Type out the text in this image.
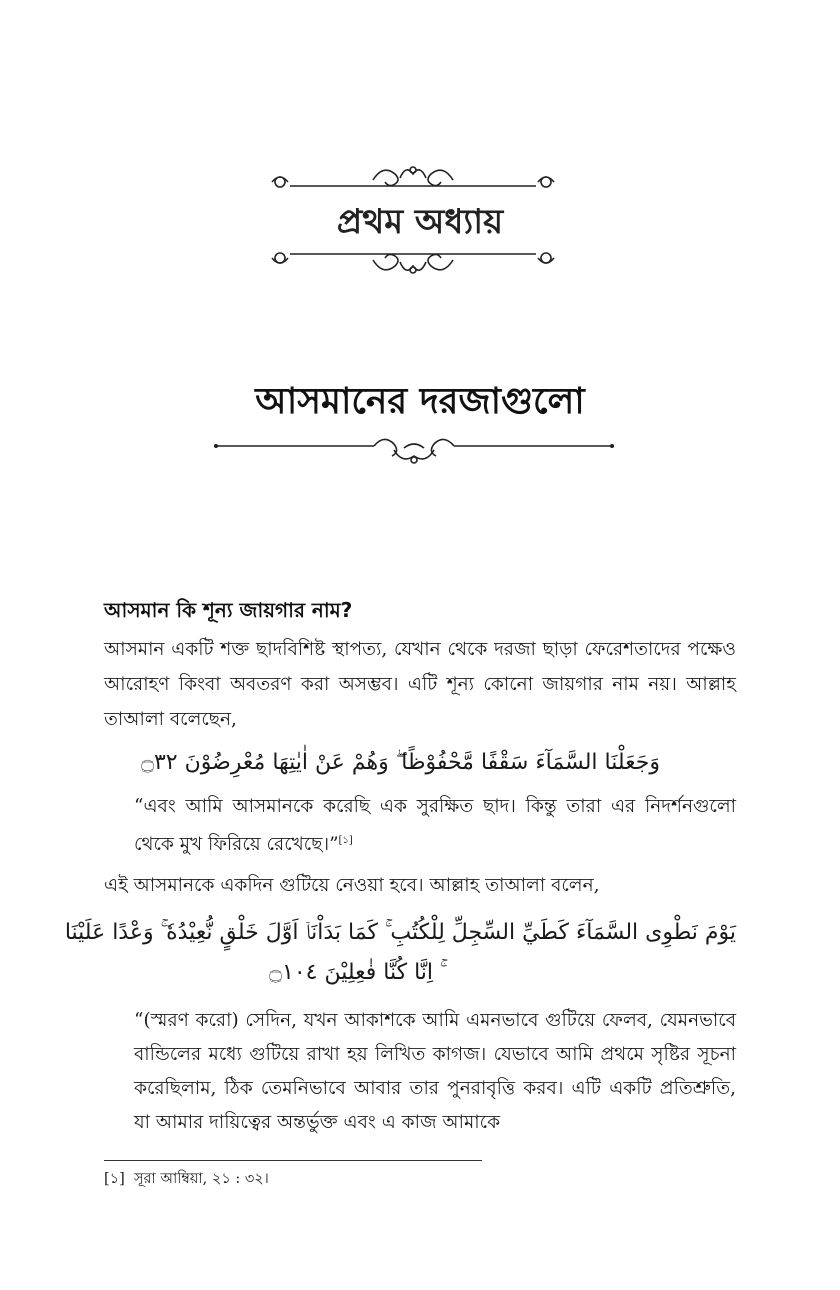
প্রথম অধ্যায়
আসমানের দরজাগুলো
আসমান কি শূন্য জায়গার নাম?

আসমান একটি শক্ত ছাদবিশিষ্ট স্থাপত্য, যেখান থেকে দরজা ছাড়া ফেরেশতাদের পক্ষেও আরোহণ কিংবা অবতরণ করা অসম্ভব। এটি শূন্য কোনো জায়গার নাম নয়। আল্লাহ তাআলা বলেছেন,

وَجَعَلْنَا السَّمَآءَ سَقْفًا مَّحْفُوْظًا ۖ وَهُمْ عَنْ اٰيٰتِهَا مُعْرِضُوْنَ ۝٣٢

“এবং আমি আসমানকে করেছি এক সুরক্ষিত ছাদ। কিন্তু তারা এর নিদর্শনগুলো থেকে মুখ ফিরিয়ে রেখেছে।”[১]

এই আসমানকে একদিন গুটিয়ে নেওয়া হবে। আল্লাহ তাআলা বলেন,

يَوْمَ نَطْوِى السَّمَآءَ كَطَيِّ السِّجِلِّ لِلْكُتُبِ ۚ كَمَا بَدَاْنَاۤ اَوَّلَ خَلْقٍ نُّعِيْدُهٗ ۚ وَعْدًا عَلَيْنَا
ۚ اِنَّا كُنَّا فٰعِلِيْنَ ۝١٠٤

“(স্মরণ করো) সেদিন, যখন আকাশকে আমি এমনভাবে গুটিয়ে ফেলব, যেমনভাবে বান্ডিলের মধ্যে গুটিয়ে রাখা হয় লিখিত কাগজ। যেভাবে আমি প্রথমে সৃষ্টির সূচনা করেছিলাম, ঠিক তেমনিভাবে আবার তার পুনরাবৃত্তি করব। এটি একটি প্রতিশ্রুতি, যা আমার দায়িত্বের অন্তর্ভুক্ত এবং এ কাজ আমাকে

[১] সূরা আম্বিয়া, ২১ : ৩২।
